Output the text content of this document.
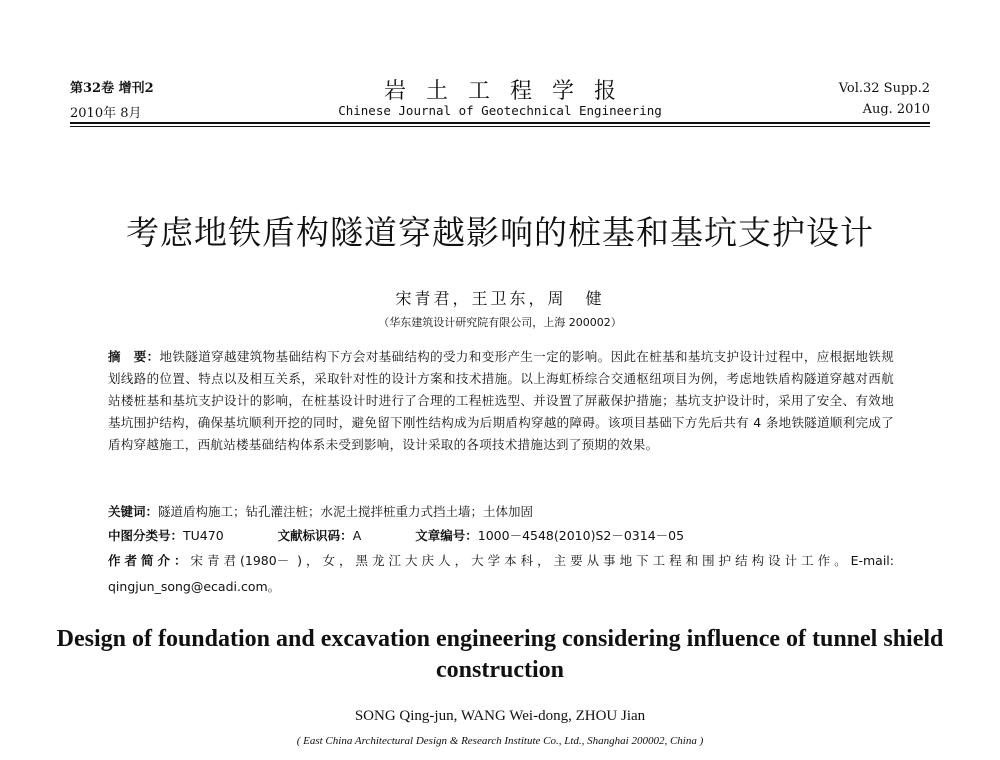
第32卷 增刊2
2010年 8月
岩土工程学报
Chinese Journal of Geotechnical Engineering
Vol.32 Supp.2
Aug. 2010
考虑地铁盾构隧道穿越影响的桩基和基坑支护设计
宋青君，王卫东，周　健
（华东建筑设计研究院有限公司，上海 200002）
摘　要：地铁隧道穿越建筑物基础结构下方会对基础结构的受力和变形产生一定的影响。因此在桩基和基坑支护设计过程中，应根据地铁规划线路的位置、特点以及相互关系，采取针对性的设计方案和技术措施。以上海虹桥综合交通枢纽项目为例，考虑地铁盾构隧道穿越对西航站楼桩基和基坑支护设计的影响，在桩基设计时进行了合理的工程桩选型、并设置了屏蔽保护措施；基坑支护设计时，采用了安全、有效地基坑围护结构，确保基坑顺利开挖的同时，避免留下刚性结构成为后期盾构穿越的障碍。该项目基础下方先后共有 4 条地铁隧道顺利完成了盾构穿越施工，西航站楼基础结构体系未受到影响，设计采取的各项技术措施达到了预期的效果。
关键词：隧道盾构施工；钻孔灌注桩；水泥土搅拌桩重力式挡土墙；土体加固
中图分类号：TU470	文献标识码：A	文章编号：1000－4548(2010)S2－0314－05
作者简介：宋青君(1980－ )，女，黑龙江大庆人，大学本科，主要从事地下工程和围护结构设计工作。E-mail: qingjun_song@ecadi.com。
Design of foundation and excavation engineering considering influence of tunnel shield construction
SONG Qing-jun, WANG Wei-dong, ZHOU Jian
( East China Architectural Design & Research Institute Co., Ltd., Shanghai 200002, China )
